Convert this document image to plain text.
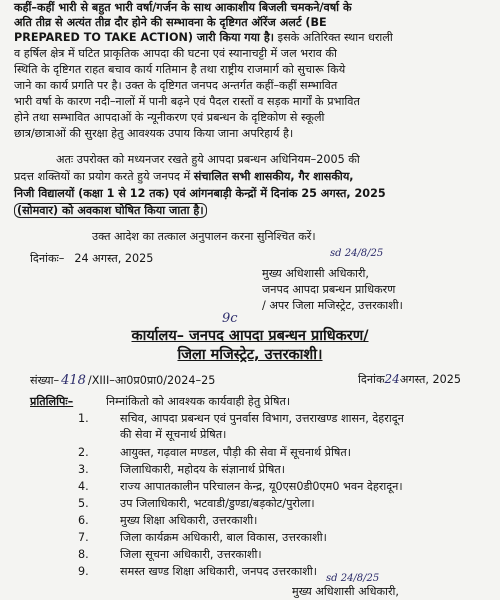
कहीं–कहीं भारी से बहुत भारी वर्षा/गर्जन के साथ आकाशीय बिजली चमकने/वर्षा के
अति तीव्र से अत्यंत तीव्र दौर होने की सम्भावना के दृष्टिगत ऑरेंज अलर्ट (BE
PREPARED TO TAKE ACTION) जारी किया गया है। इसके अतिरिक्त स्थान धराली
व हर्षिल क्षेत्र में घटित प्राकृतिक आपदा की घटना एवं स्यानाचट्टी में जल भराव की
स्थिति के दृष्टिगत राहत बचाव कार्य गतिमान है तथा राष्ट्रीय राजमार्ग को सुचारू किये
जाने का कार्य प्रगति पर है। उक्त के दृष्टिगत जनपद अन्तर्गत कहीं–कहीं सम्भावित
भारी वर्षा के कारण नदी–नालों में पानी बढ़ने एवं पैदल रास्तों व सड़क मार्गों के प्रभावित
होने तथा सम्भावित आपदाओं के न्यूनीकरण एवं प्रबन्धन के दृष्टिकोण से स्कूली
छात्र/छात्राओं की सुरक्षा हेतु आवश्यक उपाय किया जाना अपरिहार्य है।
अतः उपरोक्त को मध्यनजर रखते हुये आपदा प्रबन्धन अधिनियम–2005 की
प्रदत्त शक्तियों का प्रयोग करते हुये जनपद में संचालित सभी शासकीय, गैर शासकीय,
निजी विद्यालयों (कक्षा 1 से 12 तक) एवं आंगनबाड़ी केन्द्रों में दिनांक 25 अगस्त, 2025
(सोमवार) को अवकाश घोषित किया जाता है।
उक्त आदेश का तत्काल अनुपालन करना सुनिश्चित करें।
दिनांकः– 24 अगस्त, 2025	sd 24/8/25
मुख्य अधिशासी अधिकारी,
जनपद आपदा प्रबन्धन प्राधिकरण
/ अपर जिला मजिस्ट्रेट, उत्तरकाशी।
9c
कार्यालय– जनपद आपदा प्रबन्धन प्राधिकरण/
जिला मजिस्ट्रेट, उत्तरकाशी।
संख्या– 418 /XIII–आ0प्र0प्रा0/2024–25	दिनांक24अगस्त, 2025
प्रतिलिपिः–	निम्नांकितो को आवश्यक कार्यवाही हेतु प्रेषित।
1.	सचिव, आपदा प्रबन्धन एवं पुनर्वास विभाग, उत्तराखण्ड शासन, देहरादून
की सेवा में सूचनार्थ प्रेषित।
2.	आयुक्त, गढ़वाल मण्डल, पौड़ी की सेवा में सूचनार्थ प्रेषित।
3.	जिलाधिकारी, महोदय के संज्ञानार्थ प्रेषित।
4.	राज्य आपातकालीन परिचालन केन्द्र, यू0एस0डी0एम0 भवन देहरादून।
5.	उप जिलाधिकारी, भटवाडी/डुण्डा/बड़कोट/पुरोला।
6.	मुख्य शिक्षा अधिकारी, उत्तरकाशी।
7.	जिला कार्यक्रम अधिकारी, बाल विकास, उत्तरकाशी।
8.	जिला सूचना अधिकारी, उत्तरकाशी।
9.	समस्त खण्ड शिक्षा अधिकारी, जनपद उत्तरकाशी।
sd 24/8/25
मुख्य अधिशासी अधिकारी,
